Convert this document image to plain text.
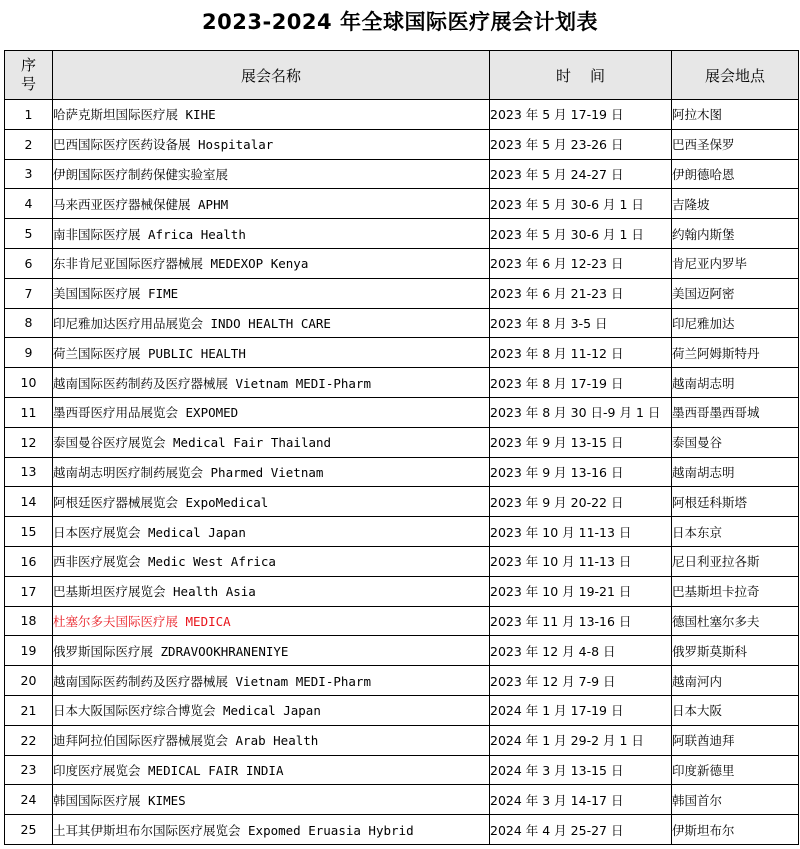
2023-2024 年全球国际医疗展会计划表
序
号	展会名称	时    间	展会地点
1	哈萨克斯坦国际医疗展 KIHE	2023 年 5 月 17-19 日	阿拉木图
2	巴西国际医疗医药设备展 Hospitalar	2023 年 5 月 23-26 日	巴西圣保罗
3	伊朗国际医疗制药保健实验室展	2023 年 5 月 24-27 日	伊朗德哈恩
4	马来西亚医疗器械保健展 APHM	2023 年 5 月 30-6 月 1 日	吉隆坡
5	南非国际医疗展 Africa Health	2023 年 5 月 30-6 月 1 日	约翰内斯堡
6	东非肯尼亚国际医疗器械展 MEDEXOP Kenya	2023 年 6 月 12-23 日	肯尼亚内罗毕
7	美国国际医疗展 FIME	2023 年 6 月 21-23 日	美国迈阿密
8	印尼雅加达医疗用品展览会 INDO HEALTH CARE	2023 年 8 月 3-5 日	印尼雅加达
9	荷兰国际医疗展 PUBLIC HEALTH	2023 年 8 月 11-12 日	荷兰阿姆斯特丹
10	越南国际医药制药及医疗器械展 Vietnam MEDI-Pharm	2023 年 8 月 17-19 日	越南胡志明
11	墨西哥医疗用品展览会 EXPOMED	2023 年 8 月 30 日-9 月 1 日	墨西哥墨西哥城
12	泰国曼谷医疗展览会 Medical Fair Thailand	2023 年 9 月 13-15 日	泰国曼谷
13	越南胡志明医疗制药展览会 Pharmed Vietnam	2023 年 9 月 13-16 日	越南胡志明
14	阿根廷医疗器械展览会 ExpoMedical	2023 年 9 月 20-22 日	阿根廷科斯塔
15	日本医疗展览会 Medical Japan	2023 年 10 月 11-13 日	日本东京
16	西非医疗展览会 Medic West Africa	2023 年 10 月 11-13 日	尼日利亚拉各斯
17	巴基斯坦医疗展览会 Health Asia	2023 年 10 月 19-21 日	巴基斯坦卡拉奇
18	杜塞尔多夫国际医疗展 MEDICA	2023 年 11 月 13-16 日	德国杜塞尔多夫
19	俄罗斯国际医疗展 ZDRAVOOKHRANENIYE	2023 年 12 月 4-8 日	俄罗斯莫斯科
20	越南国际医药制药及医疗器械展 Vietnam MEDI-Pharm	2023 年 12 月 7-9 日	越南河内
21	日本大阪国际医疗综合博览会 Medical Japan	2024 年 1 月 17-19 日	日本大阪
22	迪拜阿拉伯国际医疗器械展览会 Arab Health	2024 年 1 月 29-2 月 1 日	阿联酋迪拜
23	印度医疗展览会 MEDICAL FAIR INDIA	2024 年 3 月 13-15 日	印度新德里
24	韩国国际医疗展 KIMES	2024 年 3 月 14-17 日	韩国首尔
25	土耳其伊斯坦布尔国际医疗展览会 Expomed Eruasia Hybrid	2024 年 4 月 25-27 日	伊斯坦布尔
